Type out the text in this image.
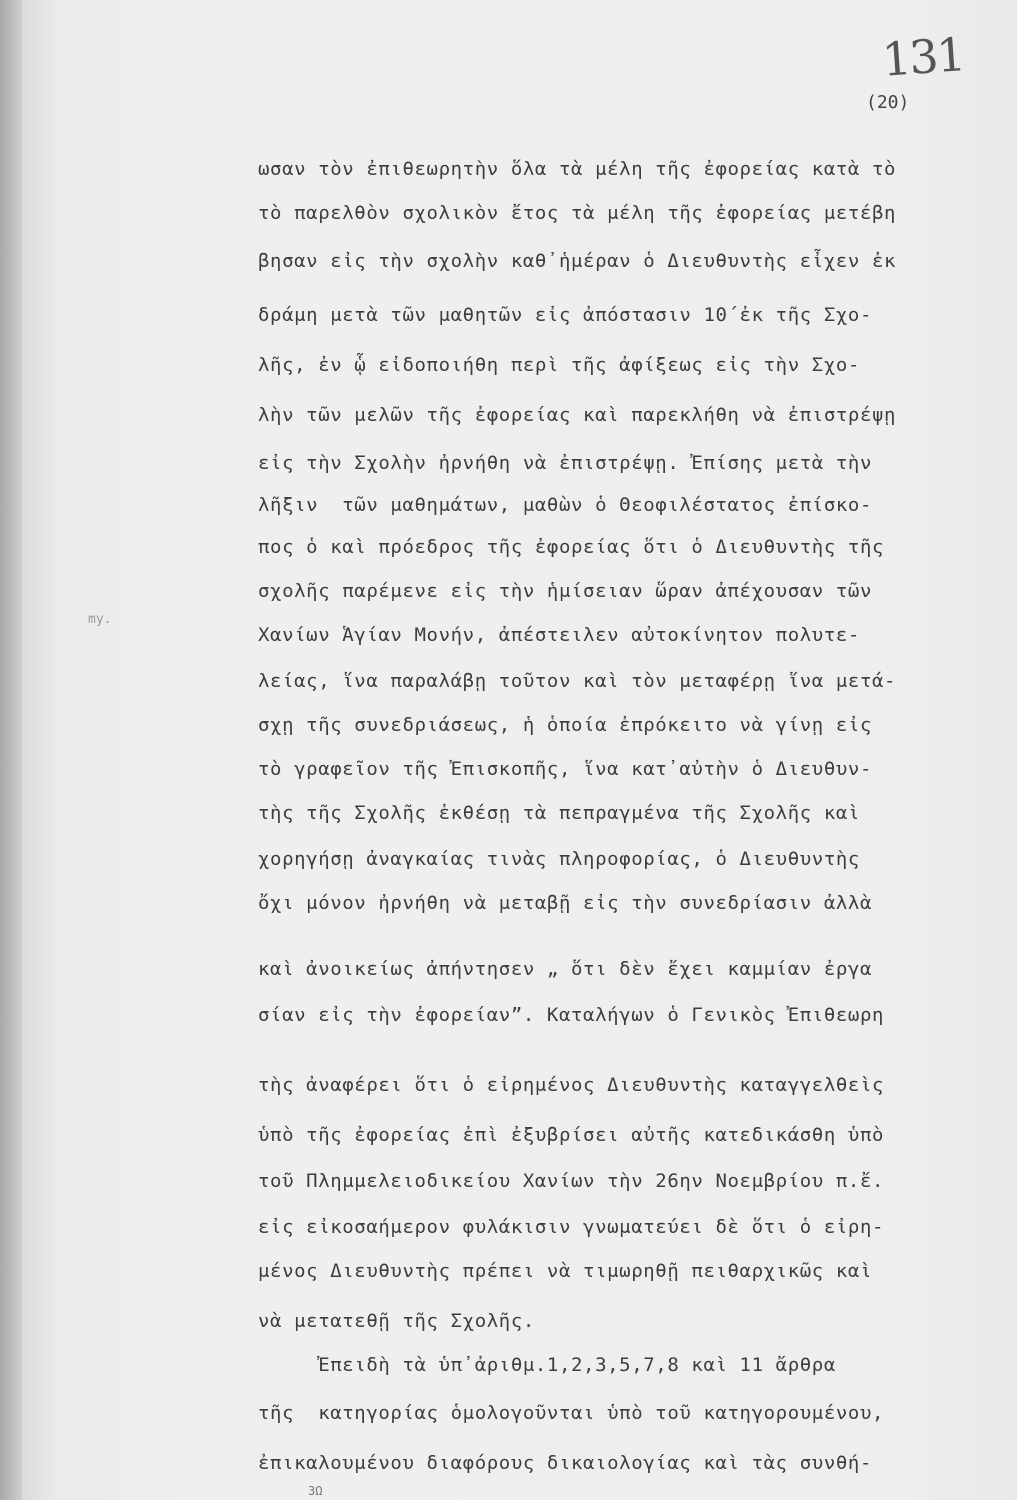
131
(20)
my.
ωσαν τὸν ἐπιθεωρητὴν ὅλα τὰ μέλη τῆς ἐφορείας κατὰ τὸ
τὸ παρελθὸν σχολικὸν ἔτος τὰ μέλη τῆς ἐφορείας μετέβη
βησαν εἰς τὴν σχολὴν καθ᾽ἡμέραν ὁ Διευθυντὴς εἶχεν ἐκ
δράμη μετὰ τῶν μαθητῶν εἰς ἀπόστασιν 10΄ἐκ τῆς Σχο-
λῆς, ἐν ᾧ εἰδοποιήθη περὶ τῆς ἀφίξεως εἰς τὴν Σχο-
λὴν τῶν μελῶν τῆς ἐφορείας καὶ παρεκλήθη νὰ ἐπιστρέψῃ
εἰς τὴν Σχολὴν ἠρνήθη νὰ ἐπιστρέψῃ. Ἐπίσης μετὰ τὴν
λῆξιν  τῶν μαθημάτων, μαθὼν ὁ Θεοφιλέστατος ἐπίσκο-
πος ὁ καὶ πρόεδρος τῆς ἐφορείας ὅτι ὁ Διευθυντὴς τῆς
σχολῆς παρέμενε εἰς τὴν ἡμίσειαν ὥραν ἀπέχουσαν τῶν
Χανίων Ἁγίαν Μονήν, ἀπέστειλεν αὐτοκίνητον πολυτε-
λείας, ἵνα παραλάβῃ τοῦτον καὶ τὸν μεταφέρῃ ἵνα μετά-
σχῃ τῆς συνεδριάσεως, ἡ ὁποία ἐπρόκειτο νὰ γίνῃ εἰς
τὸ γραφεῖον τῆς Ἐπισκοπῆς, ἵνα κατ᾽αὐτὴν ὁ Διευθυν-
τὴς τῆς Σχολῆς ἐκθέσῃ τὰ πεπραγμένα τῆς Σχολῆς καὶ
χορηγήσῃ ἀναγκαίας τινὰς πληροφορίας, ὁ Διευθυντὴς
ὄχι μόνον ἠρνήθη νὰ μεταβῇ εἰς τὴν συνεδρίασιν ἀλλὰ
καὶ ἀνοικείως ἀπήντησεν „ ὅτι δὲν ἔχει καμμίαν ἐργα
σίαν εἰς τὴν ἐφορείαν”. Καταλήγων ὁ Γενικὸς Ἐπιθεωρη
τὴς ἀναφέρει ὅτι ὁ εἰρημένος Διευθυντὴς καταγγελθεὶς
ὑπὸ τῆς ἐφορείας ἐπὶ ἐξυβρίσει αὐτῆς κατεδικάσθη ὑπὸ
τοῦ Πλημμελειοδικείου Χανίων τὴν 26ην Νοεμβρίου π.ἔ.
εἰς εἰκοσαήμερον φυλάκισιν γνωματεύει δὲ ὅτι ὁ εἰρη-
μένος Διευθυντὴς πρέπει νὰ τιμωρηθῇ πειθαρχικῶς καὶ
νὰ μετατεθῇ τῆς Σχολῆς.
Ἐπειδὴ τὰ ὑπ᾽ἀριθμ.1,2,3,5,7,8 καὶ 11 ἄρθρα
τῆς  κατηγορίας ὁμολογοῦνται ὑπὸ τοῦ κατηγορουμένου,
ἐπικαλουμένου διαφόρους δικαιολογίας καὶ τὰς συνθή-
3Ω
